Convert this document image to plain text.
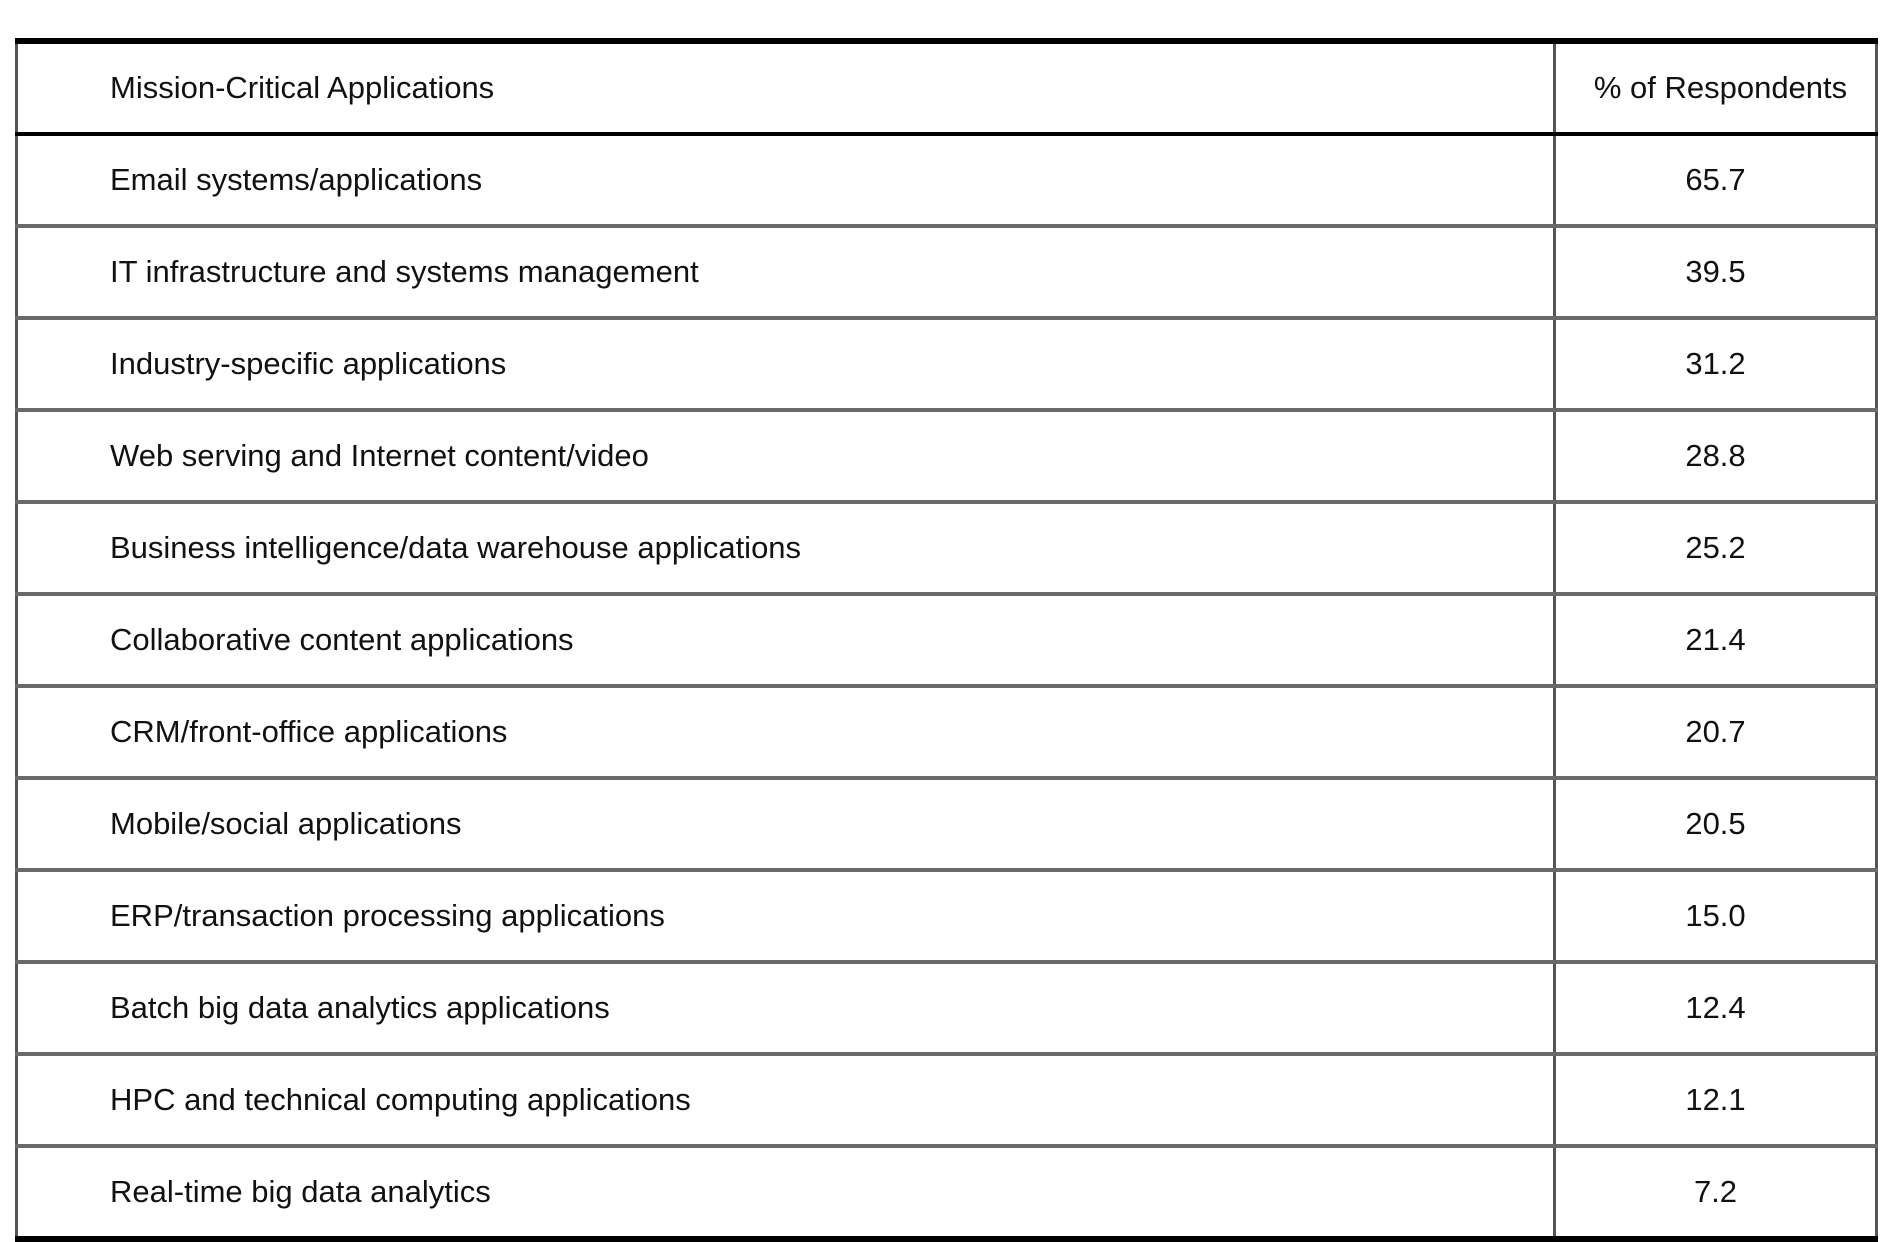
Mission-Critical Applications	% of Respondents
Email systems/applications	65.7
IT infrastructure and systems management	39.5
Industry-specific applications	31.2
Web serving and Internet content/video	28.8
Business intelligence/data warehouse applications	25.2
Collaborative content applications	21.4
CRM/front-office applications	20.7
Mobile/social applications	20.5
ERP/transaction processing applications	15.0
Batch big data analytics applications	12.4
HPC and technical computing applications	12.1
Real-time big data analytics	7.2
